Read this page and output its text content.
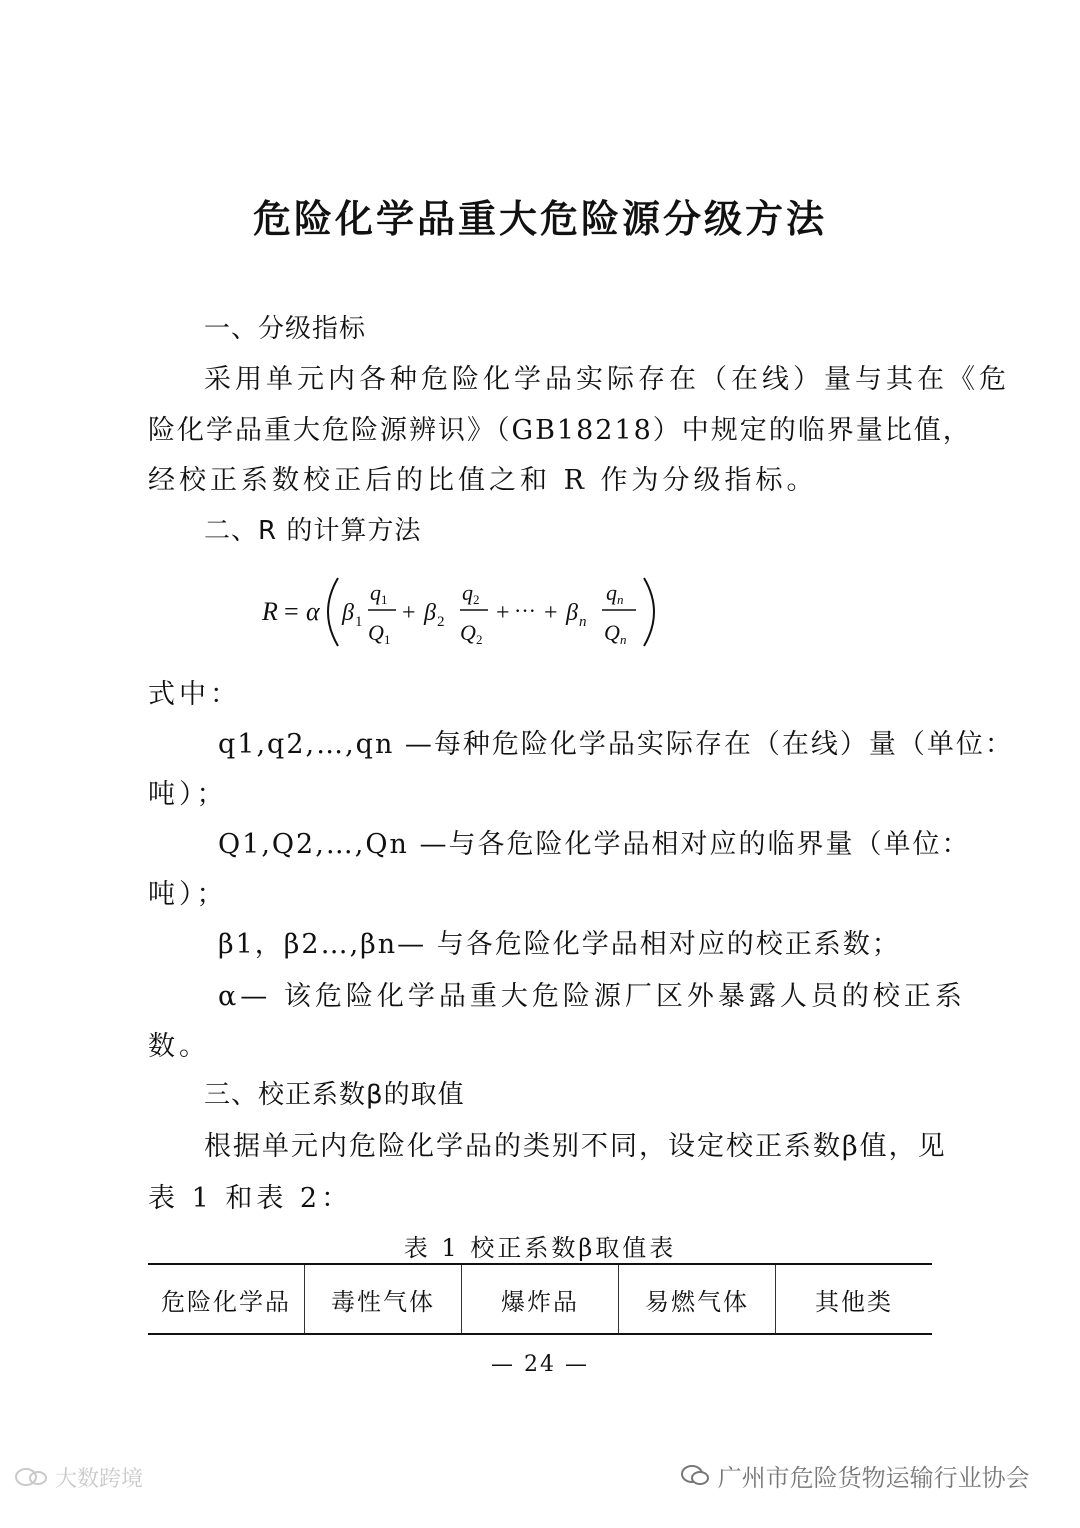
危险化学品重大危险源分级方法
一、分级指标
采用单元内各种危险化学品实际存在（在线）量与其在《危
险化学品重大危险源辨识》（GB18218）中规定的临界量比值，
经校正系数校正后的比值之和 R 作为分级指标。
二、R 的计算方法
R = α β 1
q 1
Q 1
+ β 2
q 2
Q 2
+ ··· + β n
q n
Q n
式中：
q1,q2,…,qn —每种危险化学品实际存在（在线）量（单位：
吨）；
Q1,Q2,…,Qn —与各危险化学品相对应的临界量（单位：
吨）；
β1，β2…,βn— 与各危险化学品相对应的校正系数；
α— 该危险化学品重大危险源厂区外暴露人员的校正系
数。
三、校正系数β的取值
根据单元内危险化学品的类别不同，设定校正系数β值，见
表 1 和表 2：
表 1 校正系数β取值表
危险化学品	毒性气体	爆炸品	易燃气体	其他类
— 24 —
大数跨境	广州市危险货物运输行业协会
